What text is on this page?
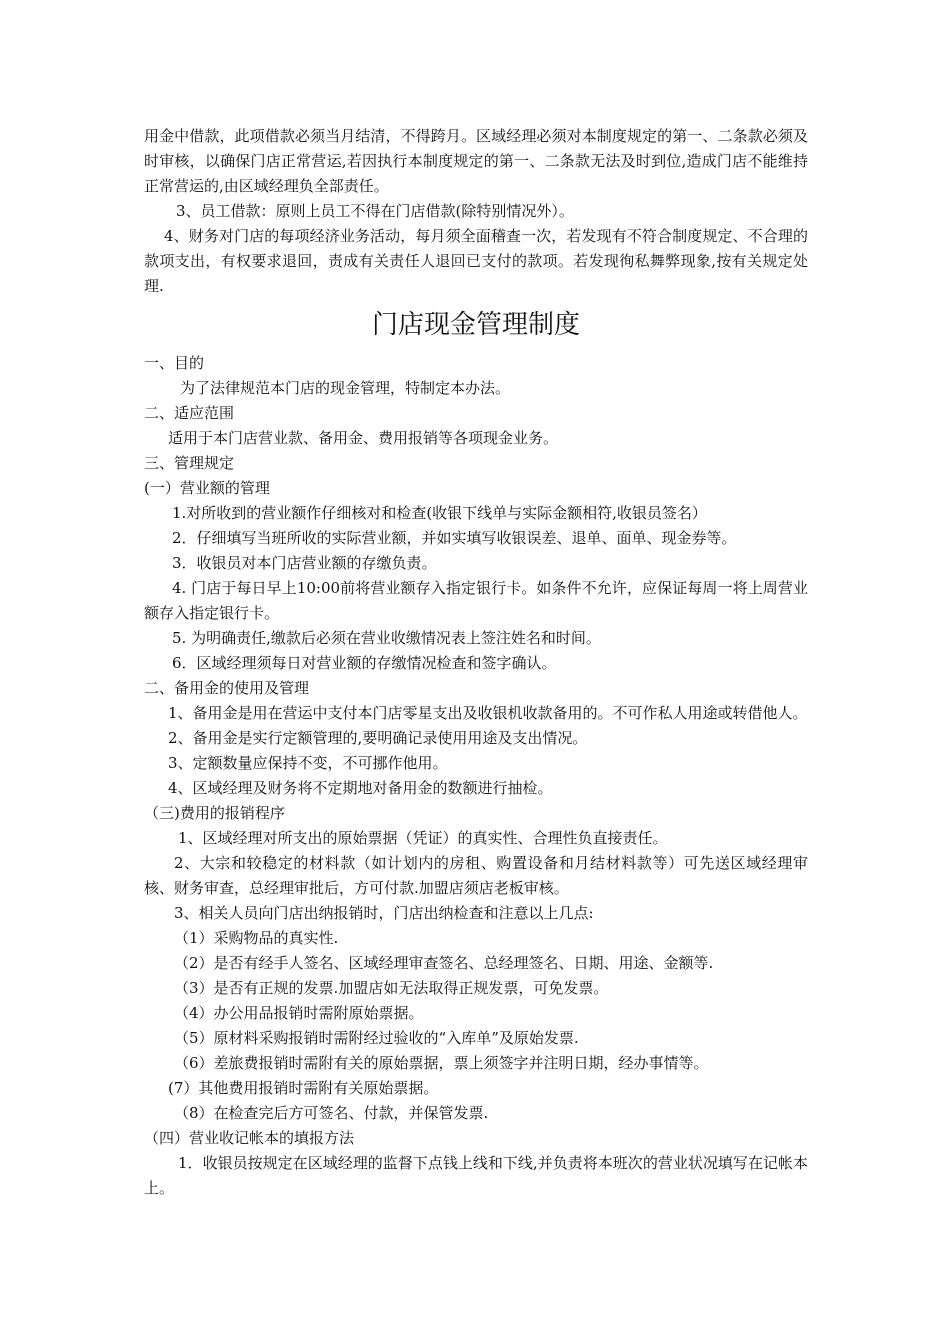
用金中借款，此项借款必须当月结清，不得跨月。区域经理必须对本制度规定的第一、二条款必须及时审核，以确保门店正常营运,若因执行本制度规定的第一、二条款无法及时到位,造成门店不能维持正常营运的,由区域经理负全部责任。
3、员工借款：原则上员工不得在门店借款(除特别情况外）。
4、财务对门店的每项经济业务活动，每月须全面稽查一次，若发现有不符合制度规定、不合理的款项支出，有权要求退回，责成有关责任人退回已支付的款项。若发现徇私舞弊现象,按有关规定处理.
门店现金管理制度
一、目的
为了法律规范本门店的现金管理，特制定本办法。
二、适应范围
适用于本门店营业款、备用金、费用报销等各项现金业务。
三、管理规定
(一）营业额的管理
1.对所收到的营业额作仔细核对和检查(收银下线单与实际金额相符,收银员签名）
2．仔细填写当班所收的实际营业额，并如实填写收银误差、退单、面单、现金券等。
3．收银员对本门店营业额的存缴负责。
4. 门店于每日早上10:00前将营业额存入指定银行卡。如条件不允许，应保证每周一将上周营业额存入指定银行卡。
5. 为明确责任,缴款后必须在营业收缴情况表上签注姓名和时间。
6．区域经理须每日对营业额的存缴情况检查和签字确认。
二、备用金的使用及管理
1、备用金是用在营运中支付本门店零星支出及收银机收款备用的。不可作私人用途或转借他人。
2、备用金是实行定额管理的,要明确记录使用用途及支出情况。
3、定额数量应保持不变，不可挪作他用。
4、区域经理及财务将不定期地对备用金的数额进行抽检。
（三)费用的报销程序
1、区域经理对所支出的原始票据（凭证）的真实性、合理性负直接责任。
2、大宗和较稳定的材料款（如计划内的房租、购置设备和月结材料款等）可先送区域经理审核、财务审查，总经理审批后，方可付款.加盟店须店老板审核。
3、相关人员向门店出纳报销时，门店出纳检查和注意以上几点:
（1）采购物品的真实性.
（2）是否有经手人签名、区域经理审查签名、总经理签名、日期、用途、金额等.
（3）是否有正规的发票.加盟店如无法取得正规发票，可免发票。
（4）办公用品报销时需附原始票据。
（5）原材料采购报销时需附经过验收的“入库单”及原始发票.
（6）差旅费报销时需附有关的原始票据，票上须签字并注明日期，经办事情等。
(7）其他费用报销时需附有关原始票据。
（8）在检查完后方可签名、付款，并保管发票.
（四）营业收记帐本的填报方法
1．收银员按规定在区域经理的监督下点钱上线和下线,并负责将本班次的营业状况填写在记帐本上。
